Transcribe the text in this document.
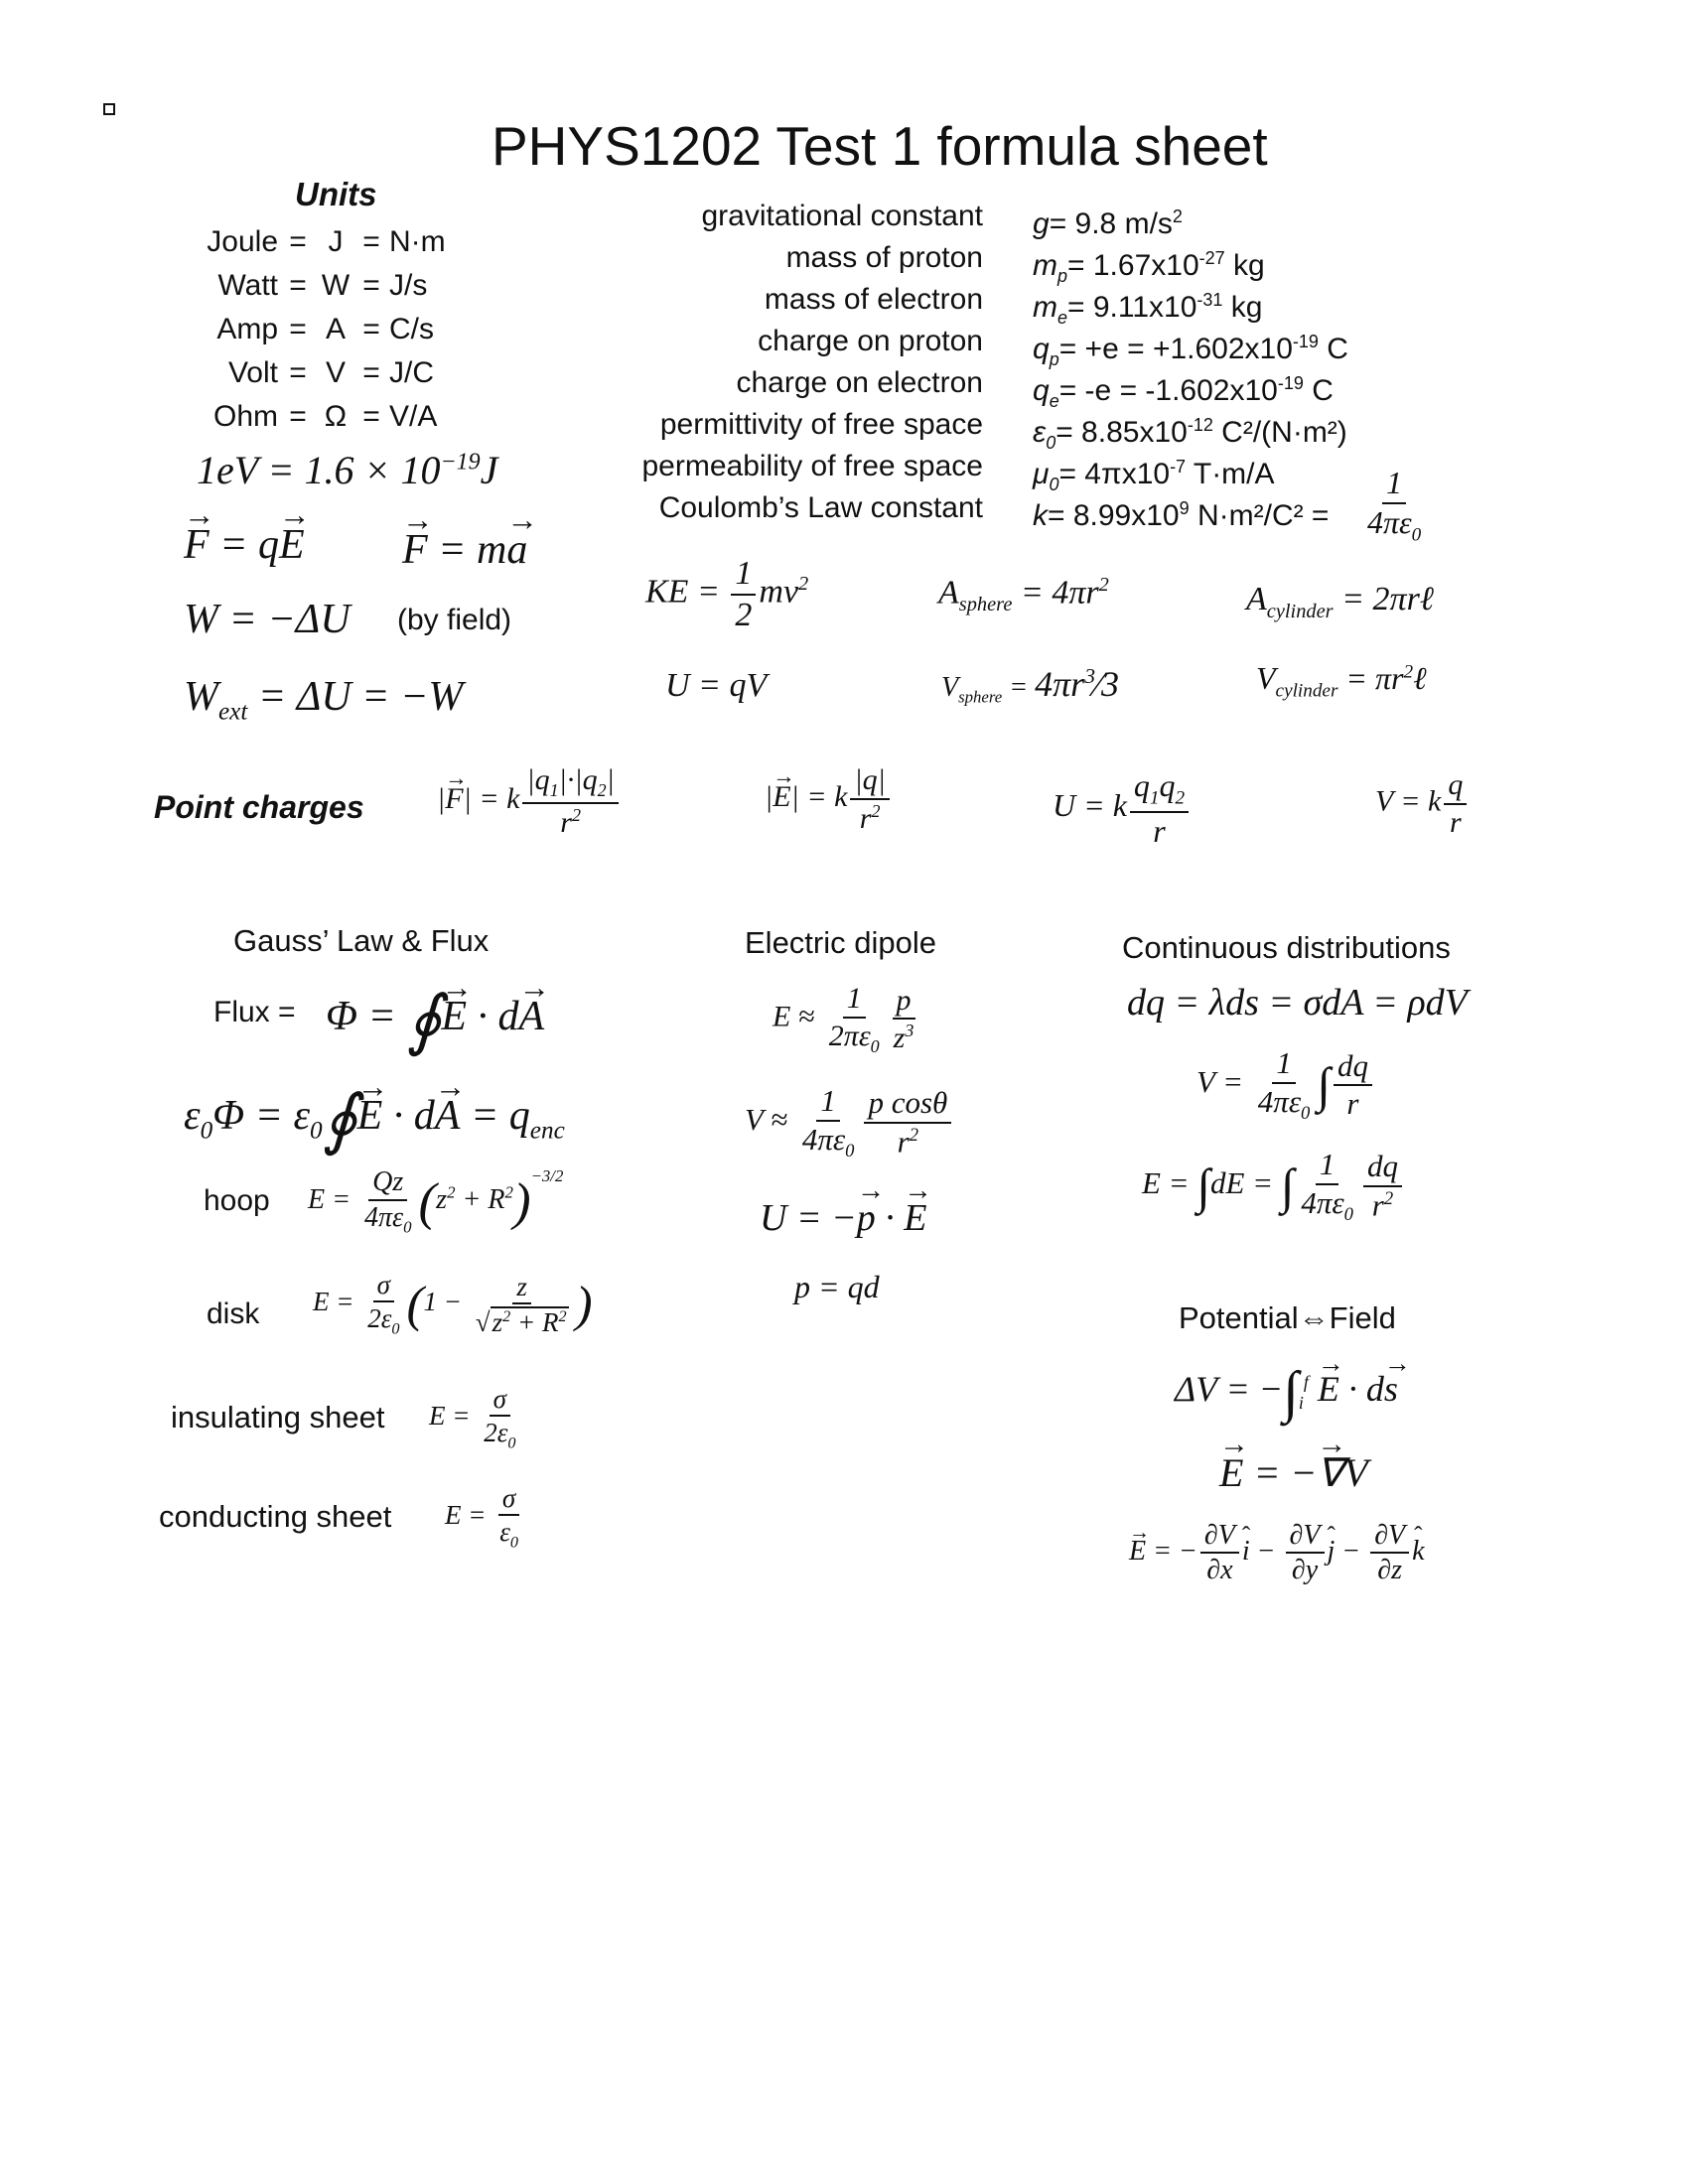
PHYS1202 Test 1 formula sheet
Units
Joule = J = N·m
Watt = W = J/s
Amp = A = C/s
Volt = V = J/C
Ohm = Ω = V/A
$1eV = 1.6 \times 10^{-19}J$
gravitational constant g= 9.8 $m/s^2$
mass of proton $m_p= 1.67x10^{-27}$ kg
mass of electron $m_e= 9.11x10^{-31}$ kg
charge on proton $q_p= +e = +1.602x10^{-19}$ C
charge on electron $q_e= -e = -1.602x10^{-19}$ C
permittivity of free space $\varepsilon_0= 8.85x10^{-12}$ C²/(N·m²)
permeability of free space $\mu_0= 4\pi x10^{-7}$ T·m/A
Coulomb’s Law constant $k= 8.99x10^9$ $N\cdot m^2/C^2 = \frac{1}{4\pi\varepsilon_0}$
→ F = q→ E → F = m→ a
W = −ΔU (by field)
$W_{ext} = \Delta U = -W$
KE = $\frac{1}{2} mv^2$
U = qV
$A_{sphere} = 4\pi r^2$
$V_{sphere}$ = $4\pi r^3⁄3$
$A_{cylinder}$ = 2πrℓ
$V_{cylinder}$ = $\pi r^2\ell$
Point charges |→ F| = k $\frac{|q_1|\cdot|q_2|}{r^2}$	|→ E| = k $\frac{|q|}{r^2}$	U = k $\frac{q_1q_2}{r}$	V = k $\frac{q}{r}$
Gauss’ Law & Flux
Flux = Φ = ∮→ E · d→ A
$\varepsilon_0\Phi$ = $\varepsilon_0∮\to E \cdot d\to A = q_{enc}$
hoop $E = \frac{Qz}{4\pi\varepsilon_0} (z^2 + R^2)^{-3/2}$
disk $E = \frac{\sigma}{2\varepsilon_0} (1 - \frac{z}{√z^2 + R^2}$ )
insulating sheet $E = \frac{\sigma}{2\varepsilon_0}$
conducting sheet $E = \frac{\sigma}{\varepsilon_0}$
Electric dipole
$E \approx \frac{1}{2\pi\varepsilon_0} \frac{p}{z^3}$
$V \approx \frac{1}{4\pi\varepsilon_0} \frac{\text{p cosθ}}{r^2}$
U = −→ p · → E
p = qd
Continuous distributions
dq = λds = σdA = ρdV
$V = \frac{1}{4\pi\varepsilon_0}$ ∫ $\frac{dq}{r}$
E = ∫dE = ∫ $\frac{1}{4\pi\varepsilon_0} \frac{dq}{r^2}$
Potential⇔Field
$\Delta V = -\int_i^f \to E \cdot d\to s$
→ E = −→ ∇V
→ E = − $\frac{\partial V}{\partial x}$ ˆ $i - \frac{\partial V}{\partial y}$ ˆ $j - \frac{\partial V}{\partial z}$ ˆ k
